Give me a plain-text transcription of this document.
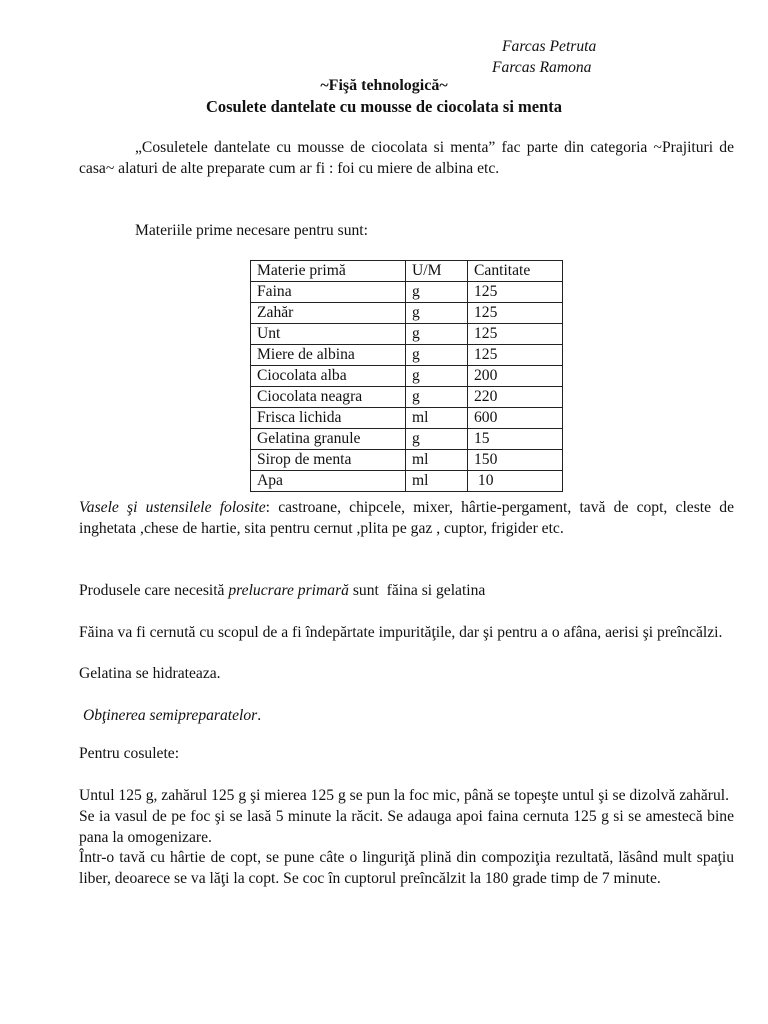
Farcas Petruta
Farcas Ramona
~Fişă tehnologică~
Cosulete dantelate cu mousse de ciocolata si menta
„Cosuletele dantelate cu mousse de ciocolata si menta” fac parte din categoria ~Prajituri de casa~ alaturi de alte preparate cum ar fi : foi cu miere de albina etc.
Materiile prime necesare pentru sunt:
Materie primă	U/M	Cantitate
Faina	g	125
Zahăr	g	125
Unt	g	125
Miere de albina	g	125
Ciocolata alba	g	200
Ciocolata neagra	g	220
Frisca lichida	ml	600
Gelatina granule	g	15
Sirop de menta	ml	150
Apa	ml	10
Vasele şi ustensilele folosite: castroane, chipcele, mixer, hârtie-pergament, tavă de copt, cleste de inghetata ,chese de hartie, sita pentru cernut ,plita pe gaz , cuptor, frigider etc.
Produsele care necesită prelucrare primară sunt  făina si gelatina
Făina va fi cernută cu scopul de a fi îndepărtate impurităţile, dar şi pentru a o afâna, aerisi şi preîncălzi.
Gelatina se hidrateaza.
Obţinerea semipreparatelor.
Pentru cosulete:

Untul 125 g, zahărul 125 g şi mierea 125 g se pun la foc mic, până se topeşte untul şi se dizolvă zahărul.

Se ia vasul de pe foc şi se lasă 5 minute la răcit. Se adauga apoi faina cernuta 125 g si se amestecă bine pana la omogenizare.

Într-o tavă cu hârtie de copt, se pune câte o linguriţă plină din compoziţia rezultată, lăsând mult spaţiu liber, deoarece se va lăţi la copt. Se coc în cuptorul preîncălzit la 180 grade timp de 7 minute.
